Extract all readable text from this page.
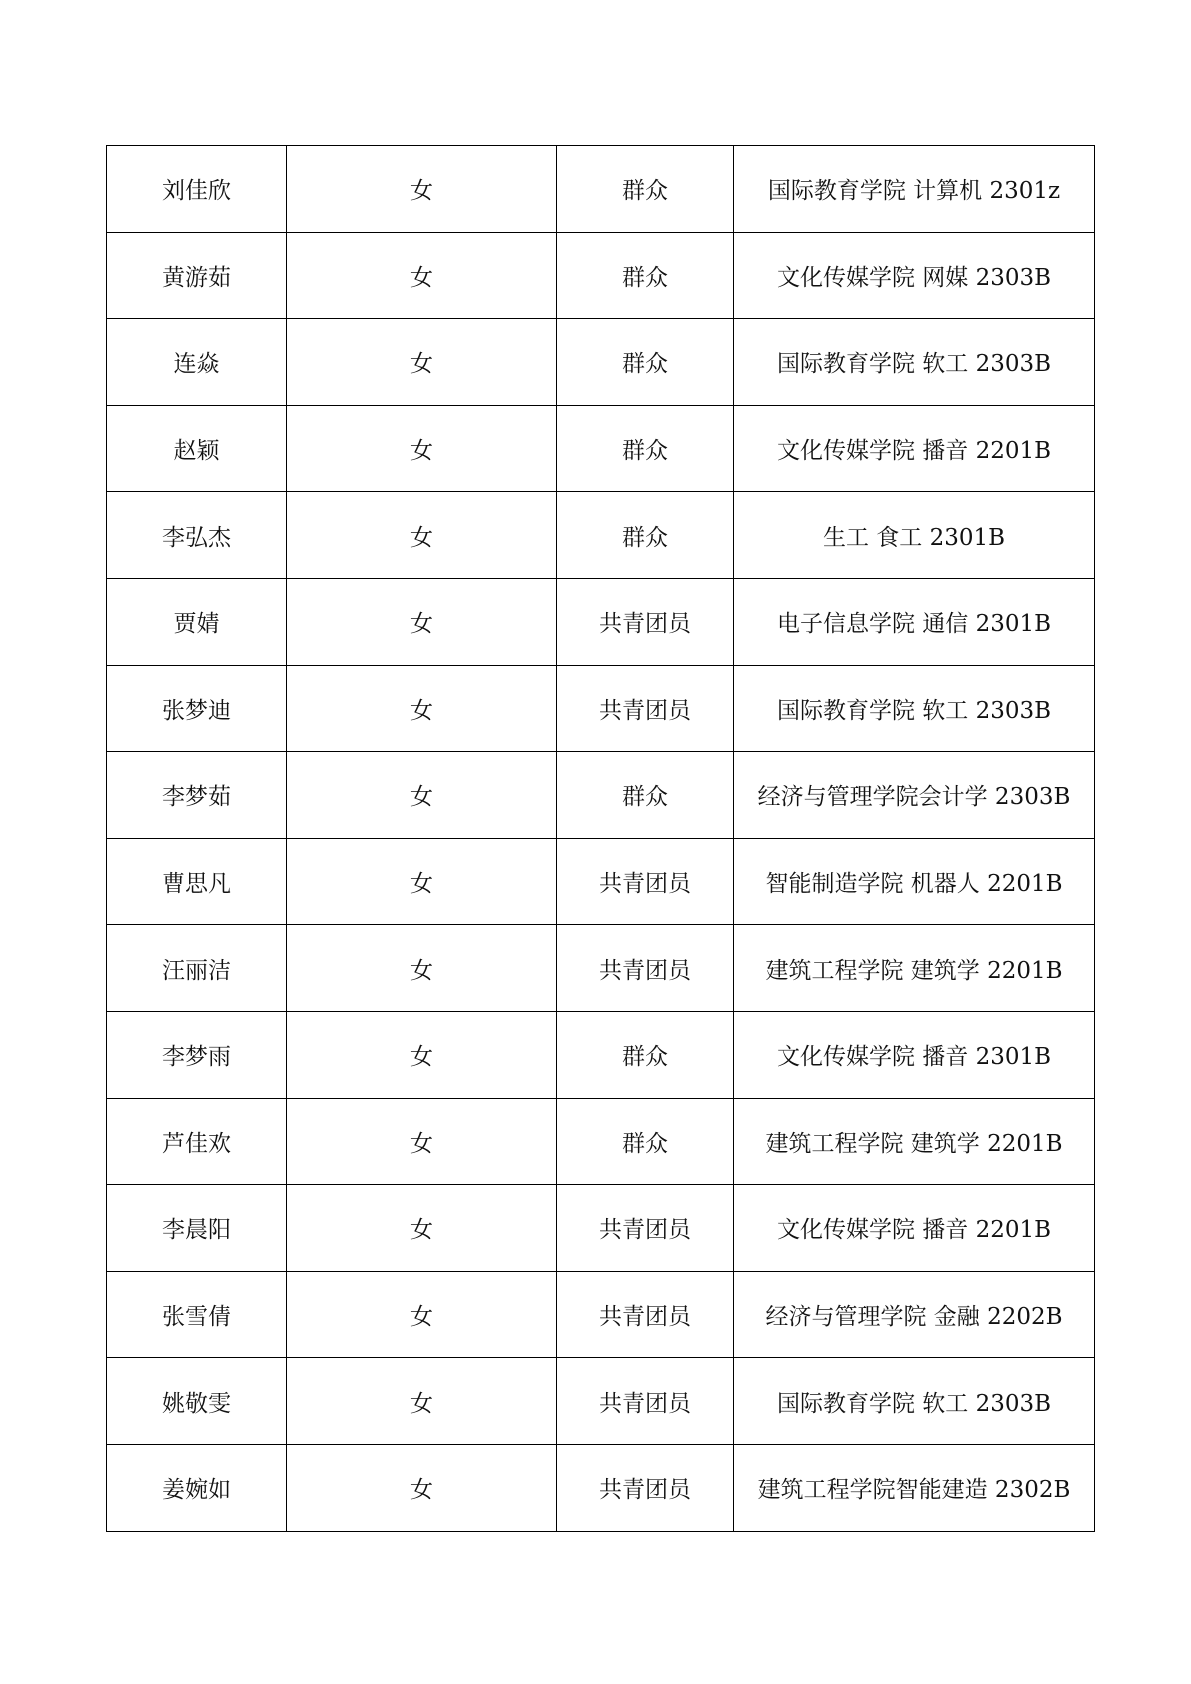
刘佳欣	女	群众	国际教育学院 计算机 2301z
黄游茹	女	群众	文化传媒学院 网媒 2303B
连焱	女	群众	国际教育学院 软工 2303B
赵颖	女	群众	文化传媒学院 播音 2201B
李弘杰	女	群众	生工 食工 2301B
贾婧	女	共青团员	电子信息学院 通信 2301B
张梦迪	女	共青团员	国际教育学院 软工 2303B
李梦茹	女	群众	经济与管理学院会计学 2303B
曹思凡	女	共青团员	智能制造学院 机器人 2201B
汪丽洁	女	共青团员	建筑工程学院 建筑学 2201B
李梦雨	女	群众	文化传媒学院 播音 2301B
芦佳欢	女	群众	建筑工程学院 建筑学 2201B
李晨阳	女	共青团员	文化传媒学院 播音 2201B
张雪倩	女	共青团员	经济与管理学院 金融 2202B
姚敬雯	女	共青团员	国际教育学院 软工 2303B
姜婉如	女	共青团员	建筑工程学院智能建造 2302B
